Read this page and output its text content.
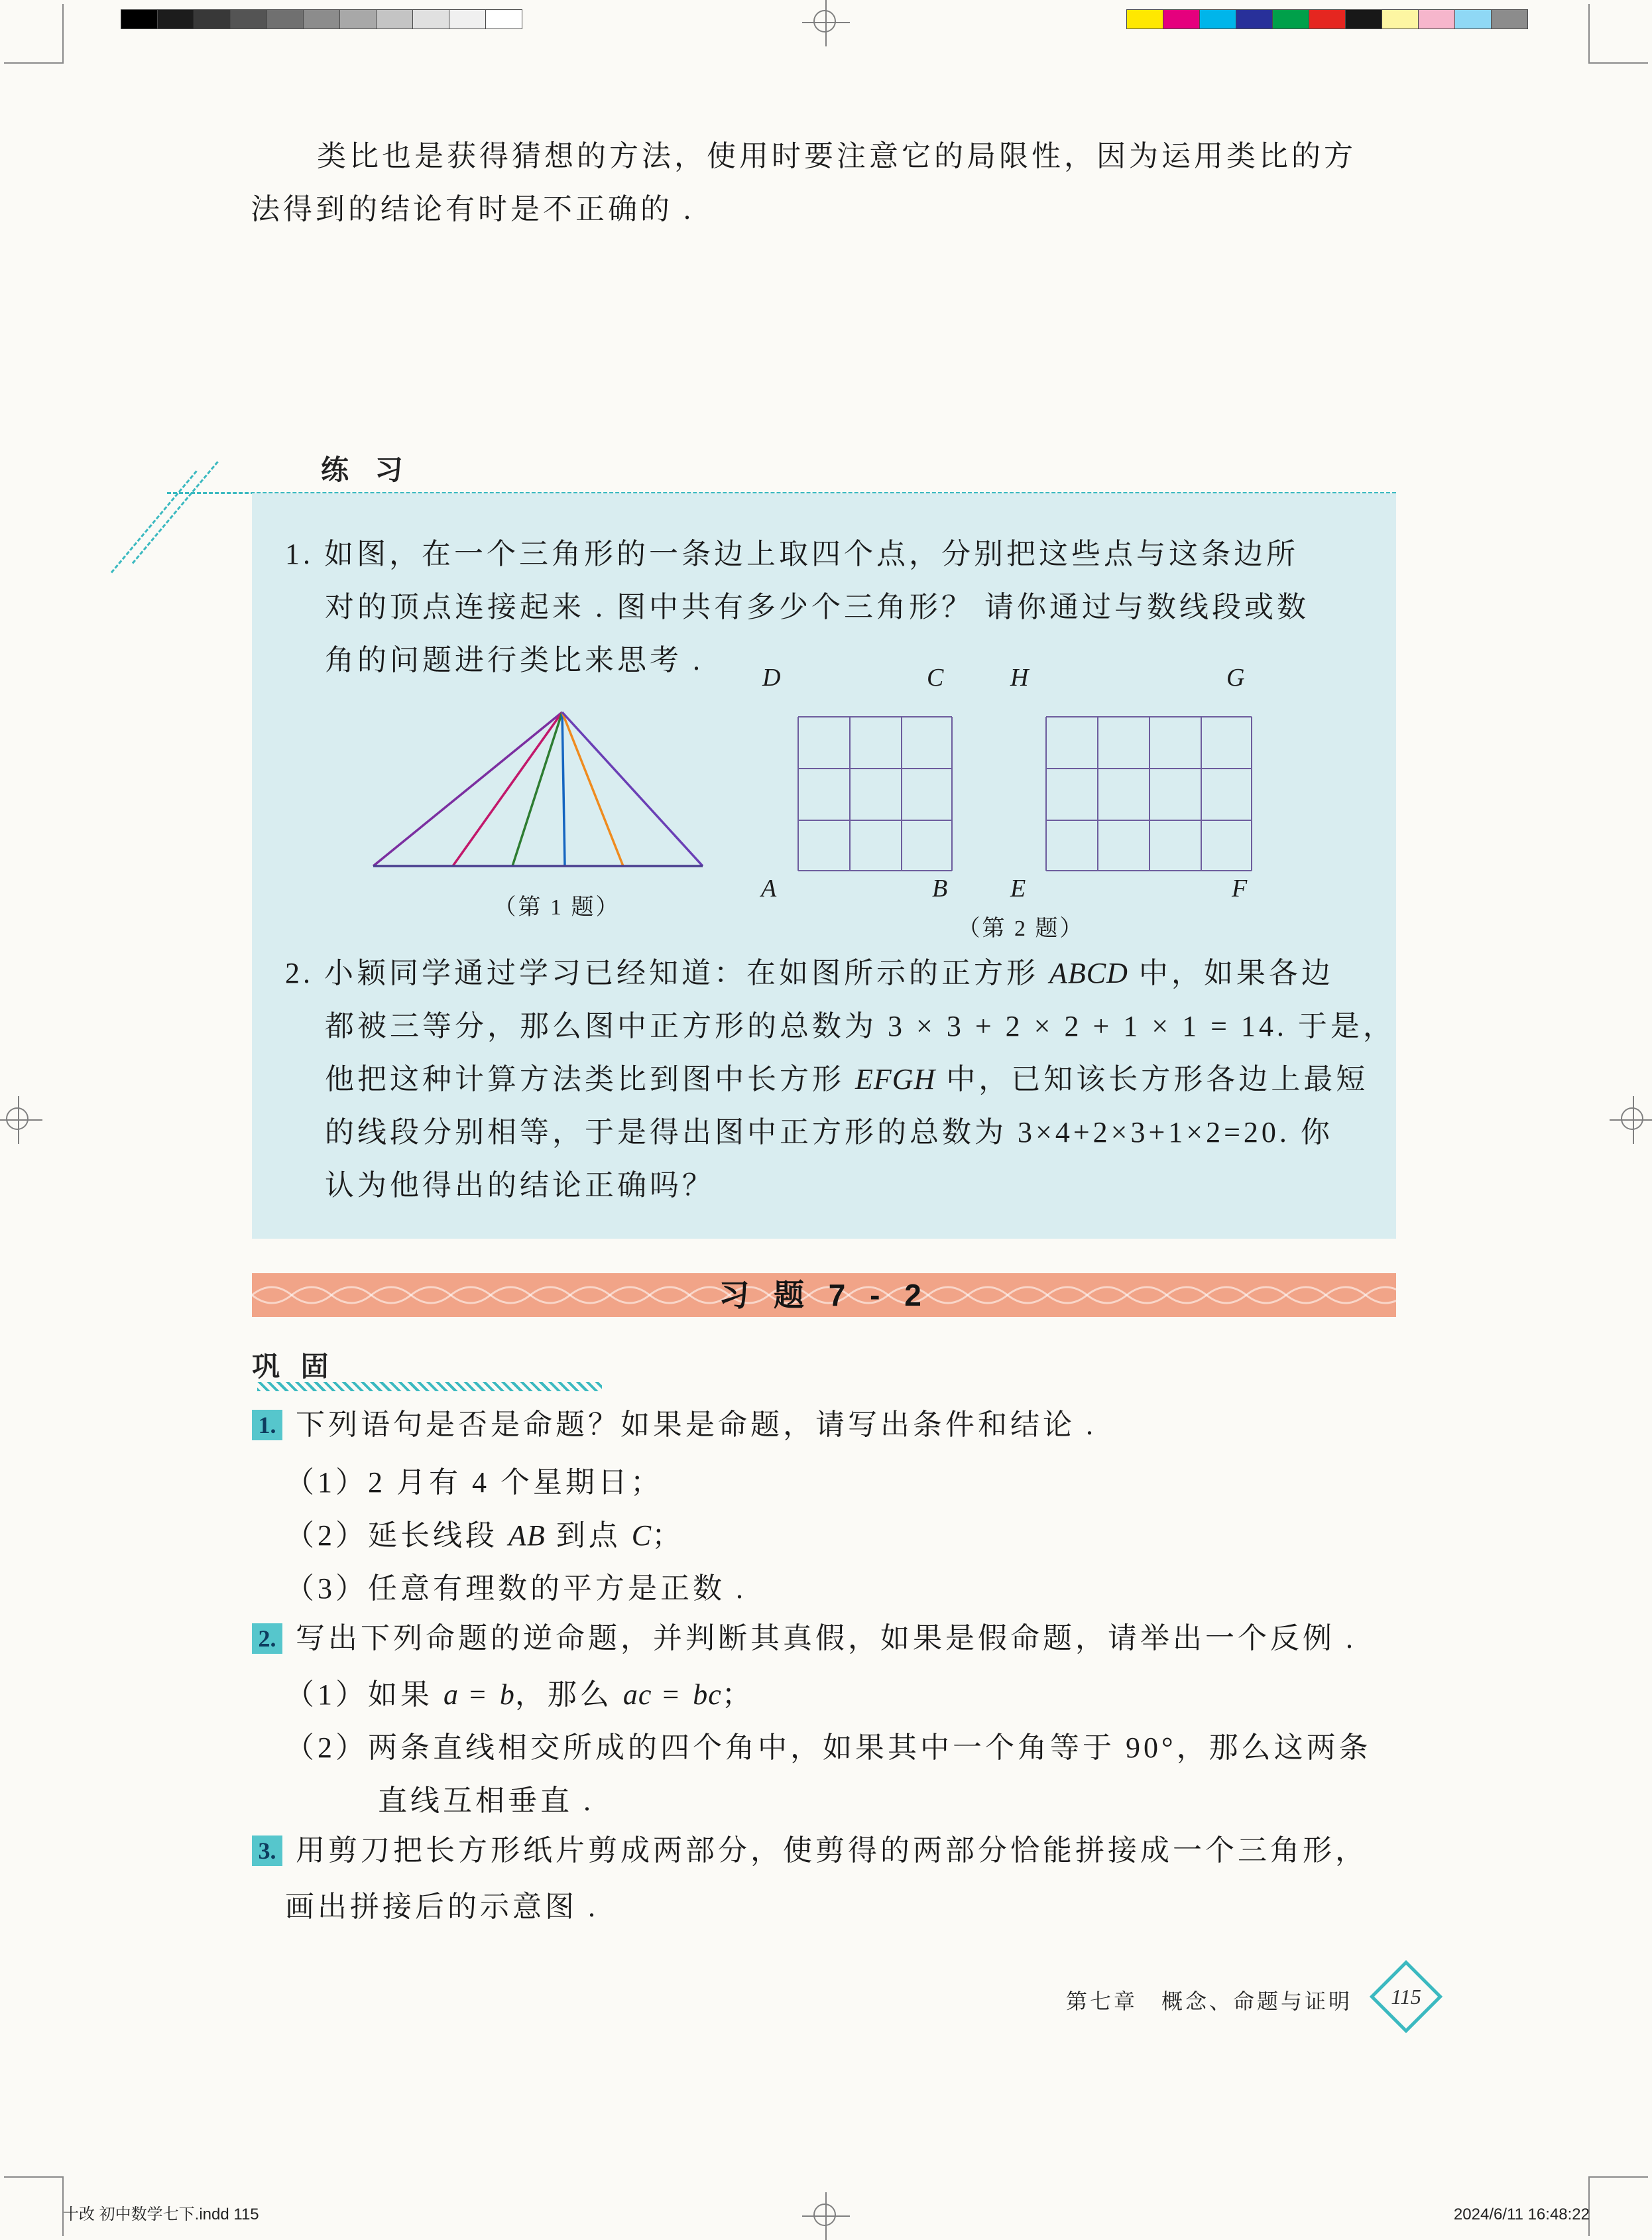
类比也是获得猜想的方法，使用时要注意它的局限性，因为运用类比的方
法得到的结论有时是不正确的 .
练 习
1. 如图，在一个三角形的一条边上取四个点，分别把这些点与这条边所
对的顶点连接起来 . 图中共有多少个三角形？ 请你通过与数线段或数
角的问题进行类比来思考 .
（第 1 题）
D	C
A	B
H	G
E	F
（第 2 题）
2. 小颖同学通过学习已经知道：在如图所示的正方形 ABCD 中，如果各边
都被三等分，那么图中正方形的总数为 3 × 3 + 2 × 2 + 1 × 1 = 14. 于是，
他把这种计算方法类比到图中长方形 EFGH 中，已知该长方形各边上最短
的线段分别相等，于是得出图中正方形的总数为 3×4+2×3+1×2=20. 你
认为他得出的结论正确吗？
习 题 7 - 2
巩 固
1. 下列语句是否是命题？如果是命题，请写出条件和结论 .
（1）2 月有 4 个星期日；
（2）延长线段 AB 到点 C；
（3）任意有理数的平方是正数 .
2. 写出下列命题的逆命题，并判断其真假，如果是假命题，请举出一个反例 .
（1）如果 a = b，那么 ac = bc；
（2）两条直线相交所成的四个角中，如果其中一个角等于 90°，那么这两条
直线互相垂直 .
3. 用剪刀把长方形纸片剪成两部分，使剪得的两部分恰能拼接成一个三角形，
画出拼接后的示意图 .
第七章　概念、命题与证明	115
十改 初中数学七下.indd 115	2024/6/11 16:48:22
